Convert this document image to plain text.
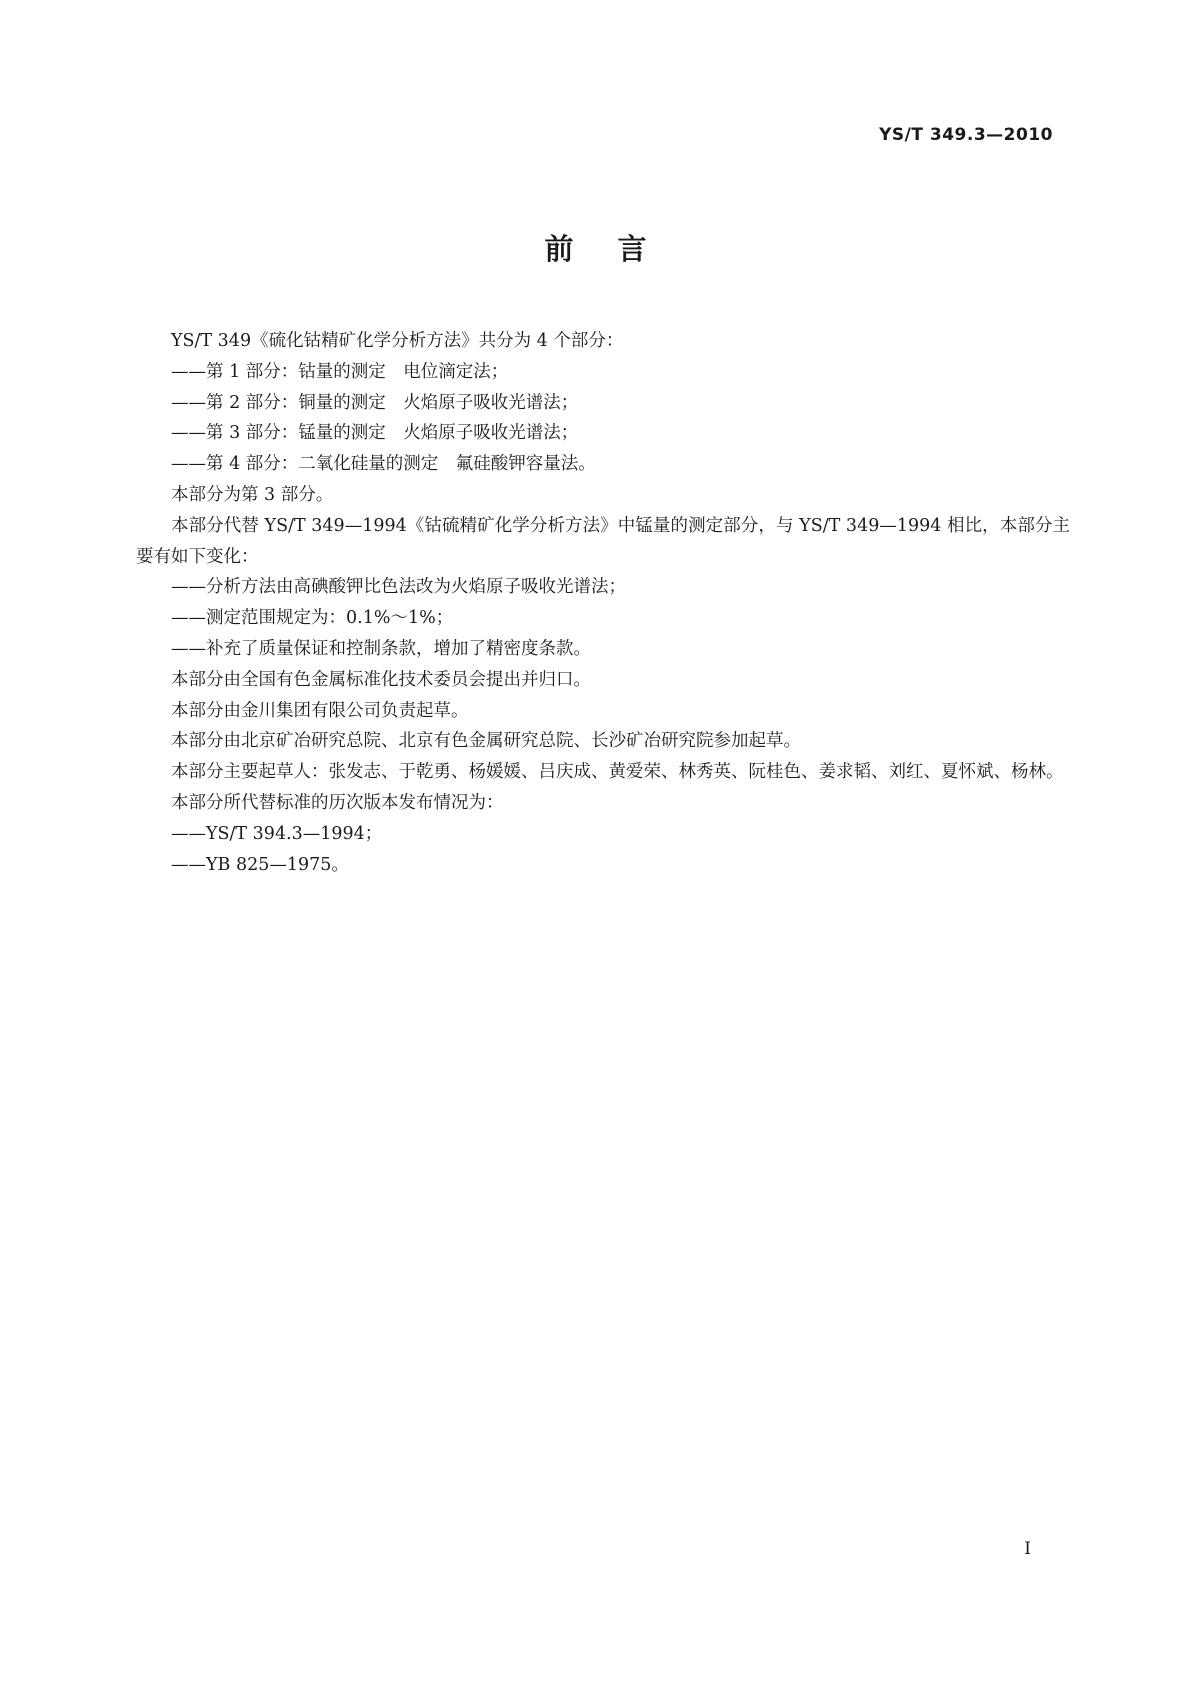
YS/T 349.3—2010
前言

YS/T 349《硫化钴精矿化学分析方法》共分为 4 个部分：

——第 1 部分：钴量的测定　电位滴定法；

——第 2 部分：铜量的测定　火焰原子吸收光谱法；

——第 3 部分：锰量的测定　火焰原子吸收光谱法；

——第 4 部分：二氧化硅量的测定　氟硅酸钾容量法。

本部分为第 3 部分。

本部分代替 YS/T 349—1994《钴硫精矿化学分析方法》中锰量的测定部分，与 YS/T 349—1994 相比，本部分主要有如下变化：

——分析方法由高碘酸钾比色法改为火焰原子吸收光谱法；

——测定范围规定为：0.1%～1%；

——补充了质量保证和控制条款，增加了精密度条款。

本部分由全国有色金属标准化技术委员会提出并归口。

本部分由金川集团有限公司负责起草。

本部分由北京矿冶研究总院、北京有色金属研究总院、长沙矿冶研究院参加起草。

本部分主要起草人：张发志、于乾勇、杨媛媛、吕庆成、黄爱荣、林秀英、阮桂色、姜求韬、刘红、夏怀斌、杨林。

本部分所代替标准的历次版本发布情况为：

——YS/T 394.3—1994；

——YB 825—1975。

I
